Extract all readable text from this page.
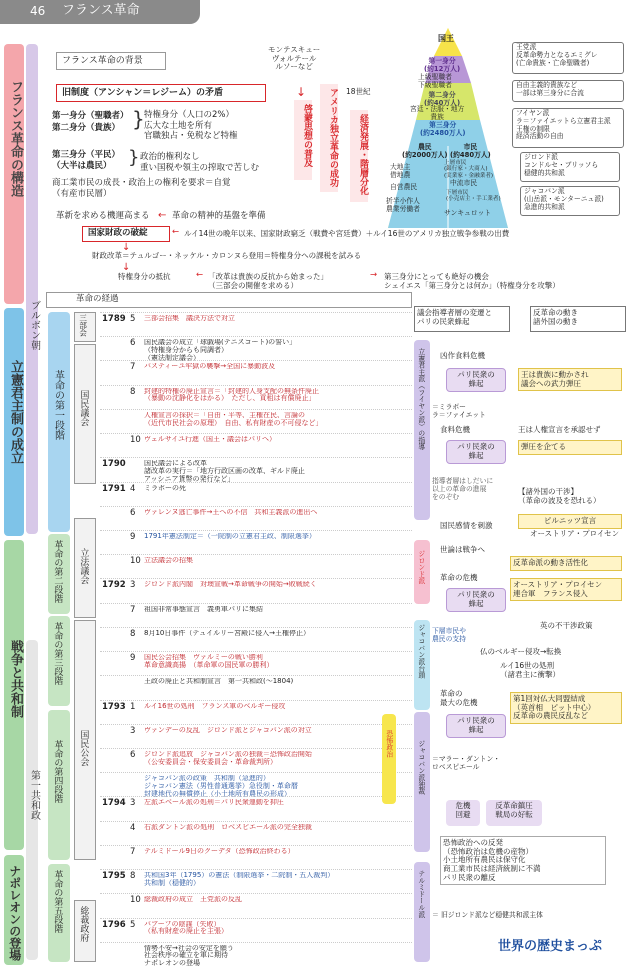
46 フランス革命
フランス革命の構造
立憲君主制の成立
戦争と共和制
ナポレオンの登場
ブルボン朝
第一共和政
フランス革命の背景
モンテスキュー
ヴォルテール
ルソーなど
↓
啓蒙思想の普及	アメリカ独立革命の成功 18世紀
経済発展・階層分化
旧制度（アンシャン＝レジーム）の矛盾
第一身分（聖職者）
第二身分（貴族） } 特権身分（人口の2%）
広大な土地を所有
官職独占・免税など特権
第三身分（平民）
（大半は農民） } 政治的権利なし
重い国税や領主の搾取で苦しむ
商工業市民の成長・政治上の権利を要求＝自覚
（有産市民層）
革新を求める機運高まる ← 革命の精神的基盤を準備
国王
第一身分
(約12万人)
上級聖職者
下級聖職者
第二身分
(約40万人)
宮廷・法服・地方
貴族
第三身分
(約2480万人)
農民
(約2000万人)
市民
(約480万人)
大地主
借地農
自営農民
折半小作人
農業労働者
上層市民
(銀行家・大商人)
(実業家・金融業者)
中流市民
下層市民
(小売店主・手工業者)
サンキュロット
王党派
反革命勢力となるエミグレ
(亡命貴族・亡命聖職者)
自由主義的貴族など
一部は第三身分に合流
フイヤン派
ラ＝ファイエットら立憲君主派
王権の制限
経済活動の自由
ジロンド派
コンドルセ・ブリッソら
穏健的共和派
ジャコバン派
(山岳派・モンターニュ派)
急進的共和派
国家財政の破綻	← ルイ14世の晩年以来、国家財政窮乏（戦費や宮廷費）＋ルイ16世のアメリカ独立戦争参戦の出費
↓
財政改革＝テュルゴー・ネッケル・カロンヌら登用＝特権身分への課税を試みる
↓
特権身分の抵抗	← 「改革は貴族の反抗から始まった」
（三部会の開催を求める）
→ 第三身分にとっても絶好の機会
シェイエス「第三身分とは何か」（特権身分を攻撃）
革命の経過
議会指導者層の変遷と
パリの民衆蜂起
反革命の動き
諸外国の動き
革命の第一段階
革命の第二段階
革命の第三段階
革命の第四段階
革命の第五段階
三部会
国民議会
立法議会
国民公会
総裁政府
1789 5 三部会招集　議決方法で対立
6 国民議会の成立「球戯場(テニスコート)の誓い」
（特権身分からも同調者）
（憲法制定議会）
7 バスティーユ牢獄の襲撃→全国に暴動波及
8 封建的特権の廃止宣言＝「封建的人身支配の無条件廃止
（暴動の沈静化をはかる）　ただし、貢租は有償廃止」
人権宣言の採択＝「自由・平等、主権在民、言論の
（近代市民社会の原理）　自由、私有財産の不可侵など」
10 ヴェルサイユ行進（国王・議会はパリへ）
1790	国民議会による改革
諸改革の実行＝「地方行政区画の改革、ギルド廃止
アッシニア貨幣の発行など」
1791 4 ミラボーの死
6 ヴァレンヌ逃亡事件→王への不信　共和主義派の進出へ
9 1791年憲法制定＝（一院制の立憲君主政、制限選挙）
10 立法議会の招集
1792 3 ジロンド派内閣　対墺宣戦→革命戦争の開始→敗戦続く
7 祖国非常事態宣言　義勇軍パリに集結
8 8月10日事件（テュイルリー宮殿に侵入→王権停止）
9 国民公会招集　ヴァルミーの戦い勝利
革命意識高揚　（革命軍の国民軍の勝利）
王政の廃止と共和制宣言　第一共和政(～1804)
1793 1 ルイ16世の処刑　フランス軍のベルギー侵攻
3 ヴァンデーの反乱　ジロンド派とジャコバン派の対立
6 ジロンド派追放　ジャコバン派の独裁＝恐怖政治開始
（公安委員会・保安委員会・革命裁判所）
ジャコバン派の政策　共和制（急進的）
ジャコバン憲法（男性普通選挙）急役制・革命暦
封建地代の無償停止（小土地所有農民の形成）

1794 3 左派エベール派の処刑＝パリ民衆運動を抑圧
4 右派ダントン派の処刑　ロベスピエール派の完全独裁
7 テルミドール9日のクーデタ（恐怖政治終わる）
1795 8 共和国3年（1795）の憲法（制限選挙・二院制・五人裁判）
共和制（穏健的）
10 総裁政府の成立　王党派の反乱
1796 5 バブーフの陰謀（失敗）
（私有財産の廃止を主張）
情勢不安→社会の安定を願う
社会秩序の確立を軍に期待
ナポレオンの登場
立憲君主派（フイヤン派）の指導
ジロンド派
ジャコバン派台頭
ジャコバン派独裁
テルミドール派
恐怖政治
＝ミラボー
ラ＝ファイエット
指導者層はしだいに
以上の革命の進展
をのぞむ
下層市民や
農民の支持
＝マラー・ダントン・
ロベスピエール
＝ 旧ジロンド派など穏健共和派主体
凶作食料危機
食料危機
世論は戦争へ
革命の危機
革命の
最大の危機
パリ民衆の
蜂起
パリ民衆の
蜂起
パリ民衆の
蜂起
パリ民衆の
蜂起
危機
回避
反革命鎮圧
戦局の好転
王は貴族に動かされ
議会への武力弾圧
王は人権宣言を承認せず
弾圧を企てる
【諸外国の干渉】
（革命の波及を恐れる）
ピルニッツ宣言
オーストリア・プロイセン
国民感情を刺激
反革命派の動き活性化
オーストリア・プロイセン
連合軍　フランス侵入
英の不干渉政策
仏のベルギー侵攻→転換
ルイ16世の処刑
（諸君主に衝撃）
第1回対仏大同盟結成
（英首相　ピット中心）
反革命の農民反乱など
恐怖政治への反発
（恐怖政治は危機の産物）
小土地所有農民は保守化
商工業市民は経済統制に不満
パリ民衆の離反
世界の歴史まっぷ
